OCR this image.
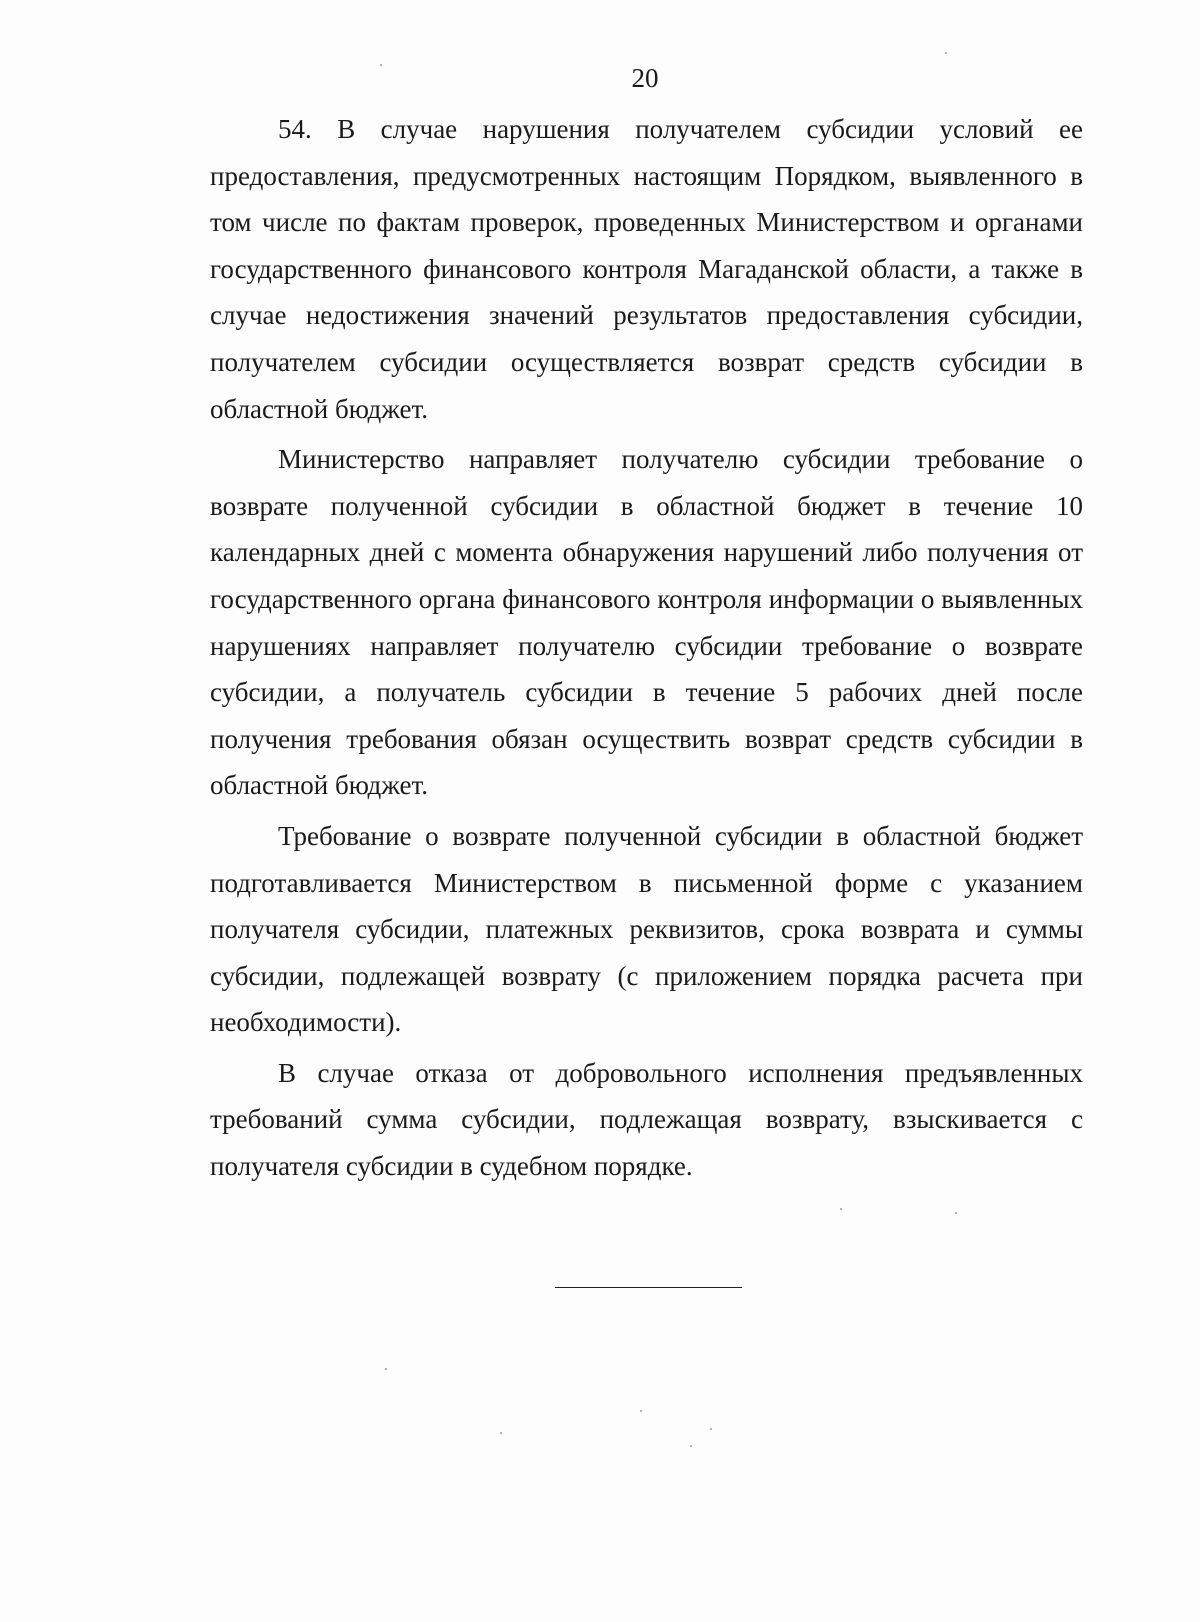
20

54. В случае нарушения получателем субсидии условий ее предоставления, предусмотренных настоящим Порядком, выявленного в том числе по фактам проверок, проведенных Министерством и органами государственного финансового контроля Магаданской области, а также в случае недостижения значений результатов предоставления субсидии, получателем субсидии осуществляется возврат средств субсидии в областной бюджет.

Министерство направляет получателю субсидии требование о возврате полученной субсидии в областной бюджет в течение 10 календарных дней с момента обнаружения нарушений либо получения от государственного органа финансового контроля информации о выявленных нарушениях направляет получателю субсидии требование о возврате субсидии, а получатель субсидии в течение 5 рабочих дней после получения требования обязан осуществить возврат средств субсидии в областной бюджет.

Требование о возврате полученной субсидии в областной бюджет подготавливается Министерством в письменной форме с указанием получателя субсидии, платежных реквизитов, срока возврата и суммы субсидии, подлежащей возврату (с приложением порядка расчета при необходимости).

В случае отказа от добровольного исполнения предъявленных требований сумма субсидии, подлежащая возврату, взыскивается с получателя субсидии в судебном порядке.
